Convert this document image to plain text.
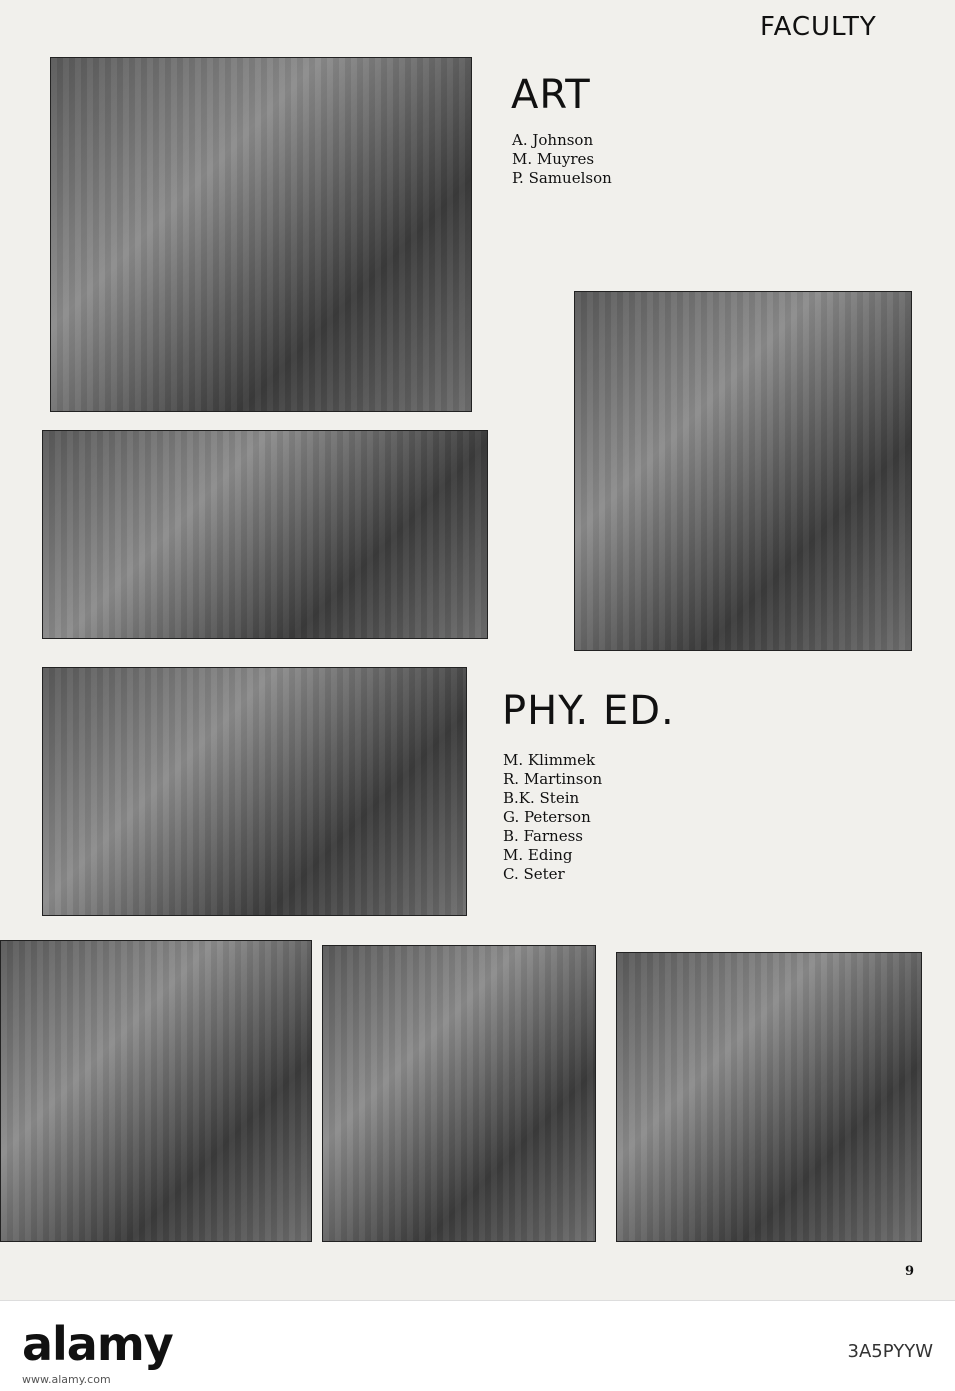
FACULTY
ART
A. Johnson
M. Muyres
P. Samuelson
PHY. ED.
M. Klimmek
R. Martinson
B.K. Stein
G. Peterson
B. Farness
M. Eding
C. Seter
9
alamy
www.alamy.com
3A5PYYW
